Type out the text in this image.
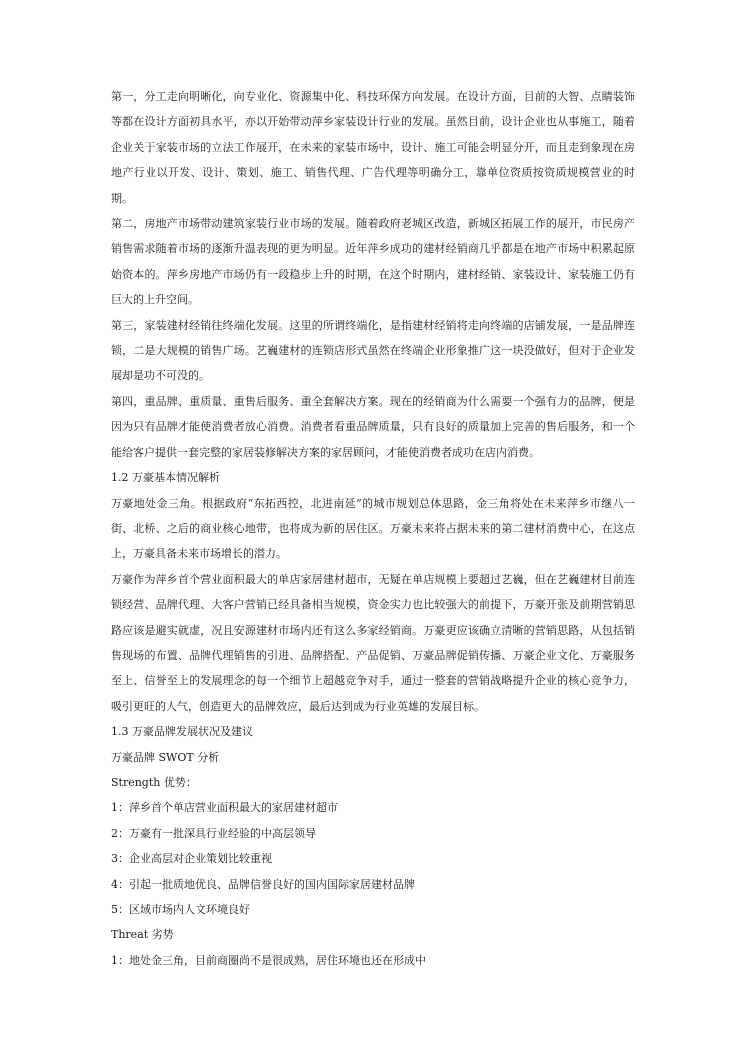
第一，分工走向明晰化，向专业化、资源集中化、科技环保方向发展。在设计方面，目前的大智、点睛装饰等都在设计方面初具水平，亦以开始带动萍乡家装设计行业的发展。虽然目前，设计企业也从事施工，随着企业关于家装市场的立法工作展开，在未来的家装市场中，设计、施工可能会明显分开，而且走到象现在房地产行业以开发、设计、策划、施工、销售代理、广告代理等明确分工，靠单位资质按资质规模营业的时期。

第二，房地产市场带动建筑家装行业市场的发展。随着政府老城区改造，新城区拓展工作的展开，市民房产销售需求随着市场的逐渐升温表现的更为明显。近年萍乡成功的建材经销商几乎都是在地产市场中积累起原始资本的。萍乡房地产市场仍有一段稳步上升的时期，在这个时期内，建材经销、家装设计、家装施工仍有巨大的上升空间。

第三，家装建材经销往终端化发展。这里的所谓终端化，是指建材经销将走向终端的店铺发展，一是品牌连锁，二是大规模的销售广场。艺巍建材的连锁店形式虽然在终端企业形象推广这一块没做好，但对于企业发展却是功不可没的。

第四，重品牌、重质量、重售后服务、重全套解决方案。现在的经销商为什么需要一个强有力的品牌，便是因为只有品牌才能使消费者放心消费。消费者看重品牌质量，只有良好的质量加上完善的售后服务，和一个能给客户提供一套完整的家居装修解决方案的家居顾问，才能使消费者成功在店内消费。

1.2 万豪基本情况解析

万豪地处金三角。根据政府“东拓西控，北进南延”的城市规划总体思路，金三角将处在未来萍乡市继八一街、北桥、之后的商业核心地带，也将成为新的居住区。万豪未来将占据未来的第二建材消费中心，在这点上，万豪具备未来市场增长的潜力。

万豪作为萍乡首个营业面积最大的单店家居建材超市，无疑在单店规模上要超过艺巍，但在艺巍建材目前连锁经营、品牌代理、大客户营销已经具备相当规模，资金实力也比较强大的前提下，万豪开张及前期营销思路应该是避实就虚，况且安源建材市场内还有这么多家经销商。万豪更应该确立清晰的营销思路，从包括销售现场的布置、品牌代理销售的引进、品牌搭配、产品促销、万豪品牌促销传播、万豪企业文化、万豪服务至上、信誉至上的发展理念的每一个细节上超越竞争对手，通过一整套的营销战略提升企业的核心竞争力，吸引更旺的人气，创造更大的品牌效应，最后达到成为行业英雄的发展目标。

1.3 万豪品牌发展状况及建议

万豪品牌 SWOT 分析

Strength 优势：

1：萍乡首个单店营业面积最大的家居建材超市

2：万豪有一批深具行业经验的中高层领导

3：企业高层对企业策划比较重视

4：引起一批质地优良、品牌信誉良好的国内国际家居建材品牌

5：区域市场内人文环境良好

Threat 劣势

1：地处金三角，目前商圈尚不是很成熟，居住环境也还在形成中
